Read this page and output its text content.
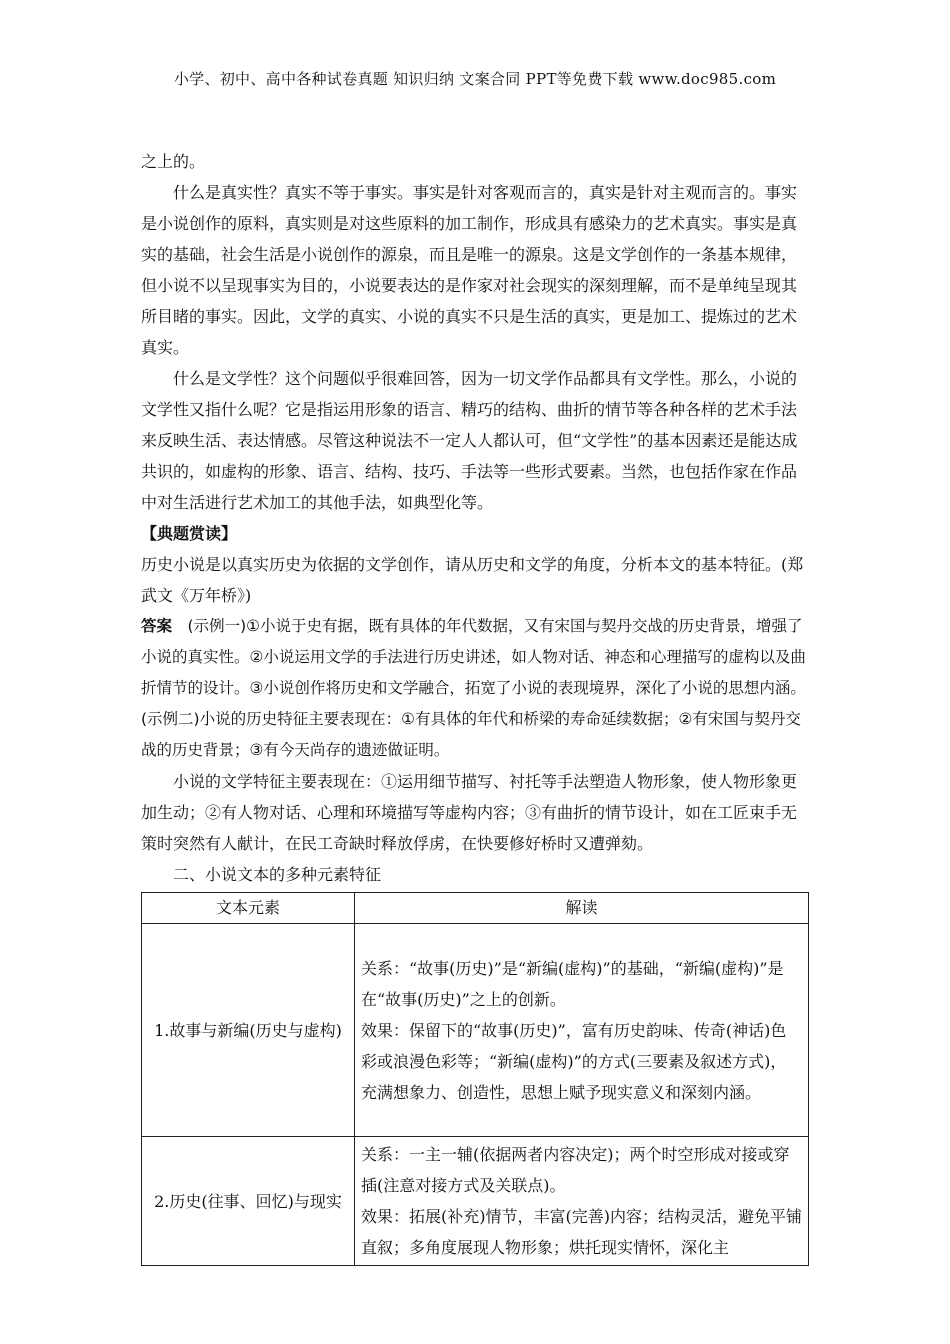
小学、初中、高中各种试卷真题 知识归纳 文案合同 PPT等免费下载 www.doc985.com

之上的。

什么是真实性？真实不等于事实。事实是针对客观而言的，真实是针对主观而言的。事实是小说创作的原料，真实则是对这些原料的加工制作，形成具有感染力的艺术真实。事实是真实的基础，社会生活是小说创作的源泉，而且是唯一的源泉。这是文学创作的一条基本规律，但小说不以呈现事实为目的，小说要表达的是作家对社会现实的深刻理解，而不是单纯呈现其所目睹的事实。因此，文学的真实、小说的真实不只是生活的真实，更是加工、提炼过的艺术真实。

什么是文学性？这个问题似乎很难回答，因为一切文学作品都具有文学性。那么，小说的文学性又指什么呢？它是指运用形象的语言、精巧的结构、曲折的情节等各种各样的艺术手法来反映生活、表达情感。尽管这种说法不一定人人都认可，但“文学性”的基本因素还是能达成共识的，如虚构的形象、语言、结构、技巧、手法等一些形式要素。当然，也包括作家在作品中对生活进行艺术加工的其他手法，如典型化等。

【典题赏读】

历史小说是以真实历史为依据的文学创作，请从历史和文学的角度，分析本文的基本特征。(郑武文《万年桥》)

答案　(示例一)①小说于史有据，既有具体的年代数据，又有宋国与契丹交战的历史背景，增强了小说的真实性。②小说运用文学的手法进行历史讲述，如人物对话、神态和心理描写的虚构以及曲折情节的设计。③小说创作将历史和文学融合，拓宽了小说的表现境界，深化了小说的思想内涵。

(示例二)小说的历史特征主要表现在：①有具体的年代和桥梁的寿命延续数据；②有宋国与契丹交战的历史背景；③有今天尚存的遗迹做证明。

小说的文学特征主要表现在：①运用细节描写、衬托等手法塑造人物形象，使人物形象更加生动；②有人物对话、心理和环境描写等虚构内容；③有曲折的情节设计，如在工匠束手无策时突然有人献计，在民工奇缺时释放俘虏，在快要修好桥时又遭弹劾。

二、小说文本的多种元素特征

文本元素	解读
1.故事与新编(历史与虚构)	关系：“故事(历史)”是“新编(虚构)”的基础，“新编(虚构)”是在“故事(历史)”之上的创新。

效果：保留下的“故事(历史)”，富有历史韵味、传奇(神话)色彩或浪漫色彩等；“新编(虚构)”的方式(三要素及叙述方式)，充满想象力、创造性，思想上赋予现实意义和深刻内涵。

2.历史(往事、回忆)与现实	关系：一主一辅(依据两者内容决定)；两个时空形成对接或穿插(注意对接方式及关联点)。

效果：拓展(补充)情节，丰富(完善)内容；结构灵活，避免平铺直叙；多角度展现人物形象；烘托现实情怀，深化主
